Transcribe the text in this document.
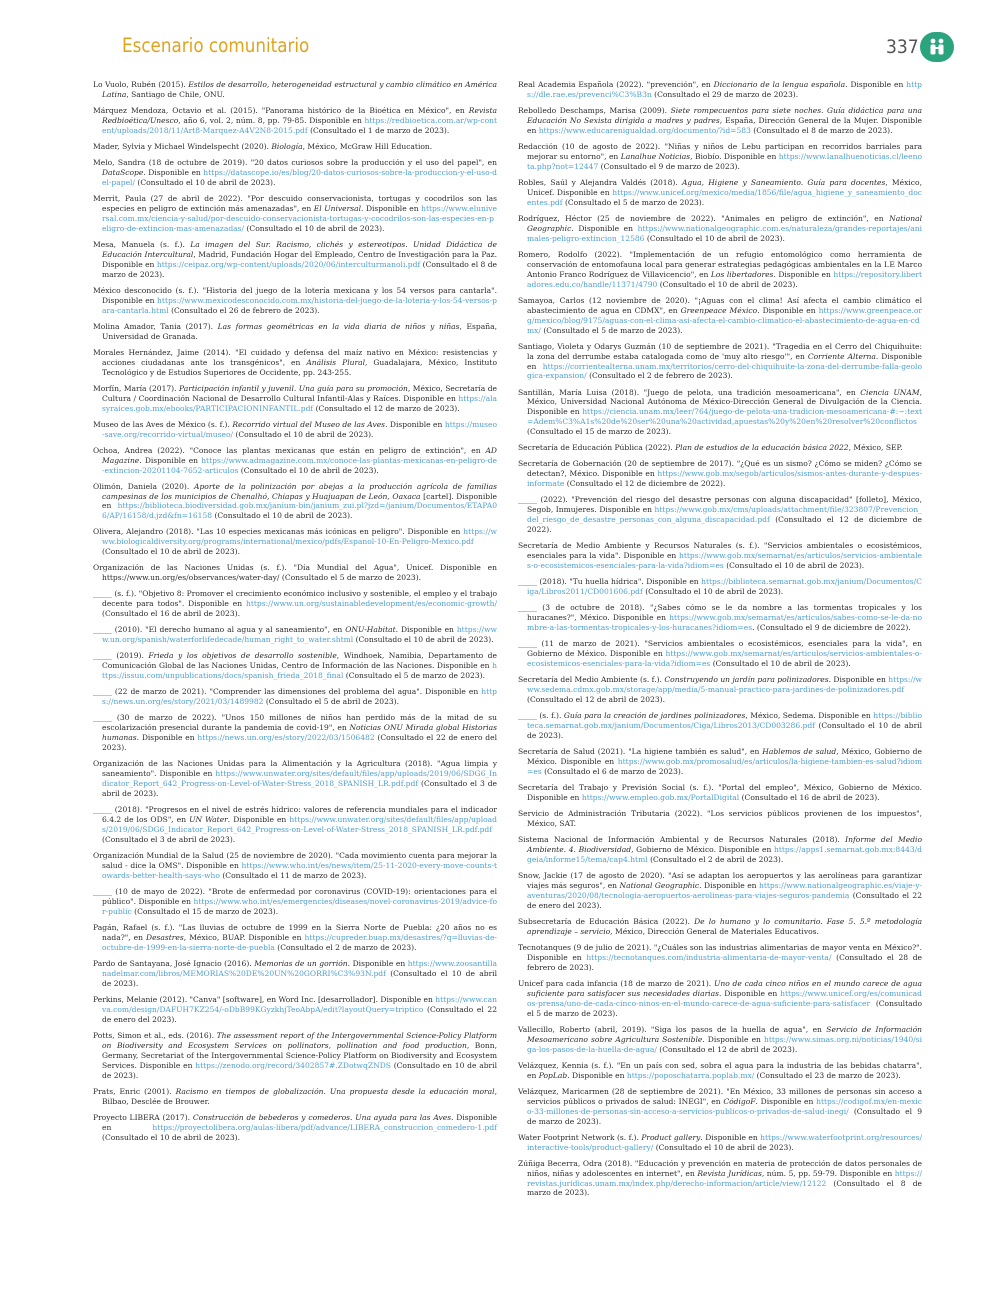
Escenario comunitario	337

Lo Vuolo, Rubén (2015). Estilos de desarrollo, heterogeneidad estructural y cambio climático en América Latina, Santiago de Chile, ONU.

Márquez Mendoza, Octavio et al. (2015). "Panorama histórico de la Bioética en México", en Revista Redbioética/Unesco, año 6, vol. 2, núm. 8, pp. 79-85. Disponible en https://redbioetica.com.ar/wp-content/uploads/2018/11/Art8-Marquez-A4V2N8-2015.pdf (Consultado el 1 de marzo de 2023).

Mader, Sylvia y Michael Windelspecht (2020). Biología, México, McGraw Hill Education.

Melo, Sandra (18 de octubre de 2019). "20 datos curiosos sobre la producción y el uso del papel", en DataScope. Disponible en https://datascope.io/es/blog/20-datos-curiosos-sobre-la-produccion-y-el-uso-del-papel/ (Consultado el 10 de abril de 2023).

Merrit, Paula (27 de abril de 2022). "Por descuido conservacionista, tortugas y cocodrilos son las especies en peligro de extinción más amenazadas", en El Universal. Disponible en https://www.eluniversal.com.mx/ciencia-y-salud/por-descuido-conservacionista-tortugas-y-cocodrilos-son-las-especies-en-peligro-de-extincion-mas-amenazadas/ (Consultado el 10 de abril de 2023).

Mesa, Manuela (s. f.). La imagen del Sur. Racismo, clichés y estereotipos. Unidad Didáctica de Educación Intercultural, Madrid, Fundación Hogar del Empleado, Centro de Investigación para la Paz. Disponible en https://ceipaz.org/wp-content/uploads/2020/06/interculturmanoli.pdf (Consultado el 8 de marzo de 2023).

México desconocido (s. f.). "Historia del juego de la lotería mexicana y los 54 versos para cantarla". Disponible en https://www.mexicodesconocido.com.mx/historia-del-juego-de-la-loteria-y-los-54-versos-para-cantarla.html (Consultado el 26 de febrero de 2023).

Molina Amador, Tania (2017). Las formas geométricas en la vida diaria de niños y niñas, España, Universidad de Granada.

Morales Hernández, Jaime (2014). "El cuidado y defensa del maíz nativo en México: resistencias y acciones ciudadanas ante los transgénicos", en Análisis Plural, Guadalajara, México, Instituto Tecnológico y de Estudios Superiores de Occidente, pp. 243-255.

Morfín, María (2017). Participación infantil y juvenil. Una guía para su promoción, México, Secretaría de Cultura / Coordinación Nacional de Desarrollo Cultural Infantil-Alas y Raíces. Disponible en https://alasyraices.gob.mx/ebooks/PARTICIPACIONINFANTIL.pdf (Consultado el 12 de marzo de 2023).

Museo de las Aves de México (s. f.). Recorrido virtual del Museo de las Aves. Disponible en https://museo-save.org/recorrido-virtual/museo/ (Consultado el 10 de abril de 2023).

Ochoa, Andrea (2022). "Conoce las plantas mexicanas que están en peligro de extinción", en AD Magazine. Disponible en https://www.admagazine.com.mx/conoce-las-plantas-mexicanas-en-peligro-de-extincion-20201104-7652-articulos (Consultado el 10 de abril de 2023).

Olimón, Daniela (2020). Aporte de la polinización por abejas a la producción agrícola de familias campesinas de los municipios de Chenalhó, Chiapas y Huajuapan de León, Oaxaca [cartel]. Disponible en https://biblioteca.biodiversidad.gob.mx/janium-bin/janium_zui.pl?jzd=/janium/Documentos/ETAPA06/AP/16158/d.jzd&fn=16158 (Consultado el 10 de abril de 2023).

Olivera, Alejandro (2018). "Las 10 especies mexicanas más icónicas en peligro". Disponible en https://www.biologicaldiversity.org/programs/international/mexico/pdfs/Espanol-10-En-Peligro-Mexico.pdf (Consultado el 10 de abril de 2023).

Organización de las Naciones Unidas (s. f.). "Día Mundial del Agua", Unicef. Disponible en https://www.un.org/es/observances/water-day/ (Consultado el 5 de marzo de 2023).

_____ (s. f.). "Objetivo 8: Promover el crecimiento económico inclusivo y sostenible, el empleo y el trabajo decente para todos". Disponible en https://www.un.org/sustainabledevelopment/es/economic-growth/ (Consultado el 16 de abril de 2023).

_____ (2010). "El derecho humano al agua y al saneamiento", en ONU-Habitat. Disponible en https://www.un.org/spanish/waterforlifedecade/human_right_to_water.shtml (Consultado el 10 de abril de 2023).

_____ (2019). Frieda y los objetivos de desarrollo sostenible, Windhoek, Namibia, Departamento de Comunicación Global de las Naciones Unidas, Centro de Información de las Naciones. Disponible en https://issuu.com/unpublications/docs/spanish_frieda_2018_final (Consultado el 5 de marzo de 2023).

_____ (22 de marzo de 2021). "Comprender las dimensiones del problema del agua". Disponible en https://news.un.org/es/story/2021/03/1489982 (Consultado el 5 de abril de 2023).

_____ (30 de marzo de 2022). "Unos 150 millones de niños han perdido más de la mitad de su escolarización presencial durante la pandemia de covid-19", en Noticias ONU Mirada global Historias humanas. Disponible en https://news.un.org/es/story/2022/03/1506482 (Consultado el 22 de enero del 2023).

Organización de las Naciones Unidas para la Alimentación y la Agricultura (2018). "Agua limpia y saneamiento". Disponible en https://www.unwater.org/sites/default/files/app/uploads/2019/06/SDG6_Indicator_Report_642_Progress-on-Level-of-Water-Stress_2018_SPANISH_LR.pdf.pdf (Consultado el 3 de abril de 2023).

_____ (2018). "Progresos en el nivel de estrés hídrico: valores de referencia mundiales para el indicador 6.4.2 de los ODS", en UN Water. Disponible en https://www.unwater.org/sites/default/files/app/uploads/2019/06/SDG6_Indicator_Report_642_Progress-on-Level-of-Water-Stress_2018_SPANISH_LR.pdf.pdf (Consultado el 3 de abril de 2023).

Organización Mundial de la Salud (25 de noviembre de 2020). "Cada movimiento cuenta para mejorar la salud - dice la OMS". Disponible en https://www.who.int/es/news/item/25-11-2020-every-move-counts-towards-better-health-says-who (Consultado el 11 de marzo de 2023).

_____ (10 de mayo de 2022). "Brote de enfermedad por coronavirus (COVID-19): orientaciones para el público". Disponible en https://www.who.int/es/emergencies/diseases/novel-coronavirus-2019/advice-for-public (Consultado el 15 de marzo de 2023).

Pagán, Rafael (s. f.). "Las lluvias de octubre de 1999 en la Sierra Norte de Puebla: ¿20 años no es nada?", en Desastres, México, BUAP. Disponible en https://cupreder.buap.mx/desastres/?q=lluvias-de-octubre-de-1999-en-la-sierra-norte-de-puebla (Consultado el 2 de marzo de 2023).

Pardo de Santayana, José Ignacio (2016). Memorias de un gorrión. Disponible en https://www.zoosantillanadelmar.com/libros/MEMORIAS%20DE%20UN%20GORRI%C3%93N.pdf (Consultado el 10 de abril de 2023).

Perkins, Melanie (2012). "Canva" [software], en Word Inc. [desarrollador]. Disponible en https://www.canva.com/design/DAFUH7KZ254/-oDbB99KGyzkhjTeoAbpA/edit?layoutQuery=triptico (Consultado el 22 de enero del 2023).

Potts, Simon et al., eds. (2016). The assessment report of the Intergovernmental Science-Policy Platform on Biodiversity and Ecosystem Services on pollinators, pollination and food production, Bonn, Germany, Secretariat of the Intergovernmental Science-Policy Platform on Biodiversity and Ecosystem Services. Disponible en https://zenodo.org/record/3402857#.ZDotwqZNDS (Consultado en 10 de abril de 2023).

Prats, Enric (2001). Racismo en tiempos de globalización. Una propuesta desde la educación moral, Bilbao, Desclée de Brouwer.

Proyecto LIBERA (2017). Construcción de bebederos y comederos. Una ayuda para las Aves. Disponible en https://proyectolibera.org/aulas-libera/pdf/advance/LIBERA_construccion_comedero-1.pdf (Consultado el 10 de abril de 2023).

Real Academia Española (2022). "prevención", en Diccionario de la lengua española. Disponible en https://dle.rae.es/prevenci%C3%B3n (Consultado el 29 de marzo de 2023).

Rebolledo Deschamps, Marisa (2009). Siete rompecuentos para siete noches. Guía didáctica para una Educación No Sexista dirigida a madres y padres, España, Dirección General de la Mujer. Disponible en https://www.educarenigualdad.org/documento/?id=583 (Consultado el 8 de marzo de 2023).

Redacción (10 de agosto de 2022). "Niñas y niños de Lebu participan en recorridos barriales para mejorar su entorno", en Lanalhue Noticias, Biobío. Disponible en https://www.lanalhuenoticias.cl/leenota.php?not=12447 (Consultado el 9 de marzo de 2023).

Robles, Saúl y Alejandra Valdés (2018). Agua, Higiene y Saneamiento. Guía para docentes, México, Unicef. Disponible en https://www.unicef.org/mexico/media/1856/file/agua_higiene_y_saneamiento_docentes.pdf (Consultado el 5 de marzo de 2023).

Rodríguez, Héctor (25 de noviembre de 2022). "Animales en peligro de extinción", en National Geographic. Disponible en https://www.nationalgeographic.com.es/naturaleza/grandes-reportajes/animales-peligro-extincion_12586 (Consultado el 10 de abril de 2023).

Romero, Rodolfo (2022). "Implementación de un refugio entomológico como herramienta de conservación de entomofauna local para generar estrategias pedagógicas ambientales en la I.E Marco Antonio Franco Rodríguez de Villavicencio", en Los libertadores. Disponible en https://repository.libertadores.edu.co/handle/11371/4790 (Consultado el 10 de abril de 2023).

Samayoa, Carlos (12 noviembre de 2020). "¡Aguas con el clima! Así afecta el cambio climático el abastecimiento de agua en CDMX", en Greenpeace México. Disponible en https://www.greenpeace.org/mexico/blog/9175/aguas-con-el-clima-asi-afecta-el-cambio-climatico-el-abastecimiento-de-agua-en-cdmx/ (Consultado el 5 de marzo de 2023).

Santiago, Violeta y Odarys Guzmán (10 de septiembre de 2021). "Tragedia en el Cerro del Chiquihuite: la zona del derrumbe estaba catalogada como de 'muy alto riesgo'", en Corriente Alterna. Disponible en https://corrientealterna.unam.mx/territorios/cerro-del-chiquihuite-la-zona-del-derrumbe-falla-geologica-expansion/ (Consultado el 2 de febrero de 2023).

Santillán, María Luisa (2018). "Juego de pelota, una tradición mesoamericana", en Ciencia UNAM, México, Universidad Nacional Autónoma de México-Dirección General de Divulgación de la Ciencia. Disponible en https://ciencia.unam.mx/leer/764/juego-de-pelota-una-tradicion-mesoamericana-#:~:text=Adem%C3%A1s%20de%20ser%20una%20actividad,apuestas%20y%20en%20resolver%20conflictos (Consultado el 15 de marzo de 2023).

Secretaría de Educación Pública (2022). Plan de estudios de la educación básica 2022, México, SEP.

Secretaría de Gobernación (20 de septiembre de 2017). "¿Qué es un sismo? ¿Cómo se miden? ¿Cómo se detectan?, México. Disponible en https://www.gob.mx/segob/articulos/sismos-antes-durante-y-despues-informate (Consultado el 12 de diciembre de 2022).

_____ (2022). "Prevención del riesgo del desastre personas con alguna discapacidad" [folleto], México, Segob, Inmujeres. Disponible en https://www.gob.mx/cms/uploads/attachment/file/323807/Prevencion_del_riesgo_de_desastre_personas_con_alguna_discapacidad.pdf (Consultado el 12 de diciembre de 2022).

Secretaría de Medio Ambiente y Recursos Naturales (s. f.). "Servicios ambientales o ecosistémicos, esenciales para la vida". Disponible en https://www.gob.mx/semarnat/es/articulos/servicios-ambientales-o-ecosistemicos-esenciales-para-la-vida?idiom=es (Consultado el 10 de abril de 2023).

_____ (2018). "Tu huella hídrica". Disponible en https://biblioteca.semarnat.gob.mx/janium/Documentos/Ciga/Libros2011/CD001606.pdf (Consultado el 10 de abril de 2023).

_____ (3 de octubre de 2018). "¿Sabes cómo se le da nombre a las tormentas tropicales y los huracanes?", México. Disponible en https://www.gob.mx/semarnat/es/articulos/sabes-como-se-le-da-nombre-a-las-tormentas-tropicales-y-los-huracanes?idiom=es. (Consultado el 9 de diciembre de 2022).

_____ (11 de marzo de 2021). "Servicios ambientales o ecosistémicos, esenciales para la vida", en Gobierno de México. Disponible en https://www.gob.mx/semarnat/es/articulos/servicios-ambientales-o-ecosistemicos-esenciales-para-la-vida?idiom=es (Consultado el 10 de abril de 2023).

Secretaría del Medio Ambiente (s. f.). Construyendo un jardín para polinizadores. Disponible en https://www.sedema.cdmx.gob.mx/storage/app/media/5-manual-practico-para-jardines-de-polinizadores.pdf (Consultado el 12 de abril de 2023).

_____ (s. f.). Guía para la creación de jardines polinizadores, México, Sedema. Disponible en https://biblioteca.semarnat.gob.mx/janium/Documentos/Ciga/Libros2013/CD003286.pdf (Consultado el 10 de abril de 2023).

Secretaría de Salud (2021). "La higiene también es salud", en Hablemos de salud, México, Gobierno de México. Disponible en https://www.gob.mx/promosalud/es/articulos/la-higiene-tambien-es-salud?idiom=es (Consultado el 6 de marzo de 2023).

Secretaría del Trabajo y Previsión Social (s. f.). "Portal del empleo", México, Gobierno de México. Disponible en https://www.empleo.gob.mx/PortalDigital (Consultado el 16 de abril de 2023).

Servicio de Administración Tributaria (2022). "Los servicios públicos provienen de los impuestos", México, SAT.

Sistema Nacional de Información Ambiental y de Recursos Naturales (2018). Informe del Medio Ambiente. 4. Biodiversidad, Gobierno de México. Disponible en https://apps1.semarnat.gob.mx:8443/dgeia/informe15/tema/cap4.html (Consultado el 2 de abril de 2023).

Snow, Jackie (17 de agosto de 2020). "Así se adaptan los aeropuertos y las aerolíneas para garantizar viajes más seguros", en National Geographic. Disponible en https://www.nationalgeographic.es/viaje-y-aventuras/2020/08/tecnologia-aeropuertos-aerolineas-para-viajes-seguros-pandemia (Consultado el 22 de enero del 2023).

Subsecretaría de Educación Básica (2022). De lo humano y lo comunitario. Fase 5. 5.º metodología aprendizaje – servicio, México, Dirección General de Materiales Educativos.

Tecnotanques (9 de julio de 2021). "¿Cuáles son las industrias alimentarias de mayor venta en México?". Disponible en https://tecnotanques.com/industria-alimentaria-de-mayor-venta/ (Consultado el 28 de febrero de 2023).

Unicef para cada infancia (18 de marzo de 2021). Uno de cada cinco niños en el mundo carece de agua suficiente para satisfacer sus necesidades diarias. Disponible en https://www.unicef.org/es/comunicados-prensa/uno-de-cada-cinco-ninos-en-el-mundo-carece-de-agua-suficiente-para-satisfacer (Consultado el 5 de marzo de 2023).

Vallecillo, Roberto (abril, 2019). "Siga los pasos de la huella de agua", en Servicio de Información Mesoamericano sobre Agricultura Sostenible. Disponible en https://www.simas.org.ni/noticias/1940/siga-los-pasos-de-la-huella-de-agua/ (Consultado el 12 de abril de 2023).

Velázquez, Kennia (s. f.). "En un país con sed, sobra el agua para la industria de las bebidas chatarra", en PopLab. Disponible en https://poposchatarra.poplab.mx/ (Consultado el 23 de marzo de 2023).

Velázquez, Maricarmen (28 de septiembre de 2021). "En México, 33 millones de personas sin acceso a servicios públicos o privados de salud: INEGI", en CódigoF. Disponible en https://codigof.mx/en-mexico-33-millones-de-personas-sin-acceso-a-servicios-publicos-o-privados-de-salud-inegi/ (Consultado el 9 de marzo de 2023).

Water Footprint Network (s. f.). Product gallery. Disponible en https://www.waterfootprint.org/resources/interactive-tools/product-gallery/ (Consultado el 10 de abril de 2023).

Zúñiga Becerra, Odra (2018). "Educación y prevención en materia de protección de datos personales de niños, niñas y adolescentes en internet", en Revista Jurídicas, núm. 5, pp. 59-79. Disponible en https://revistas.juridicas.unam.mx/index.php/derecho-informacion/article/view/12122 (Consultado el 8 de marzo de 2023).
